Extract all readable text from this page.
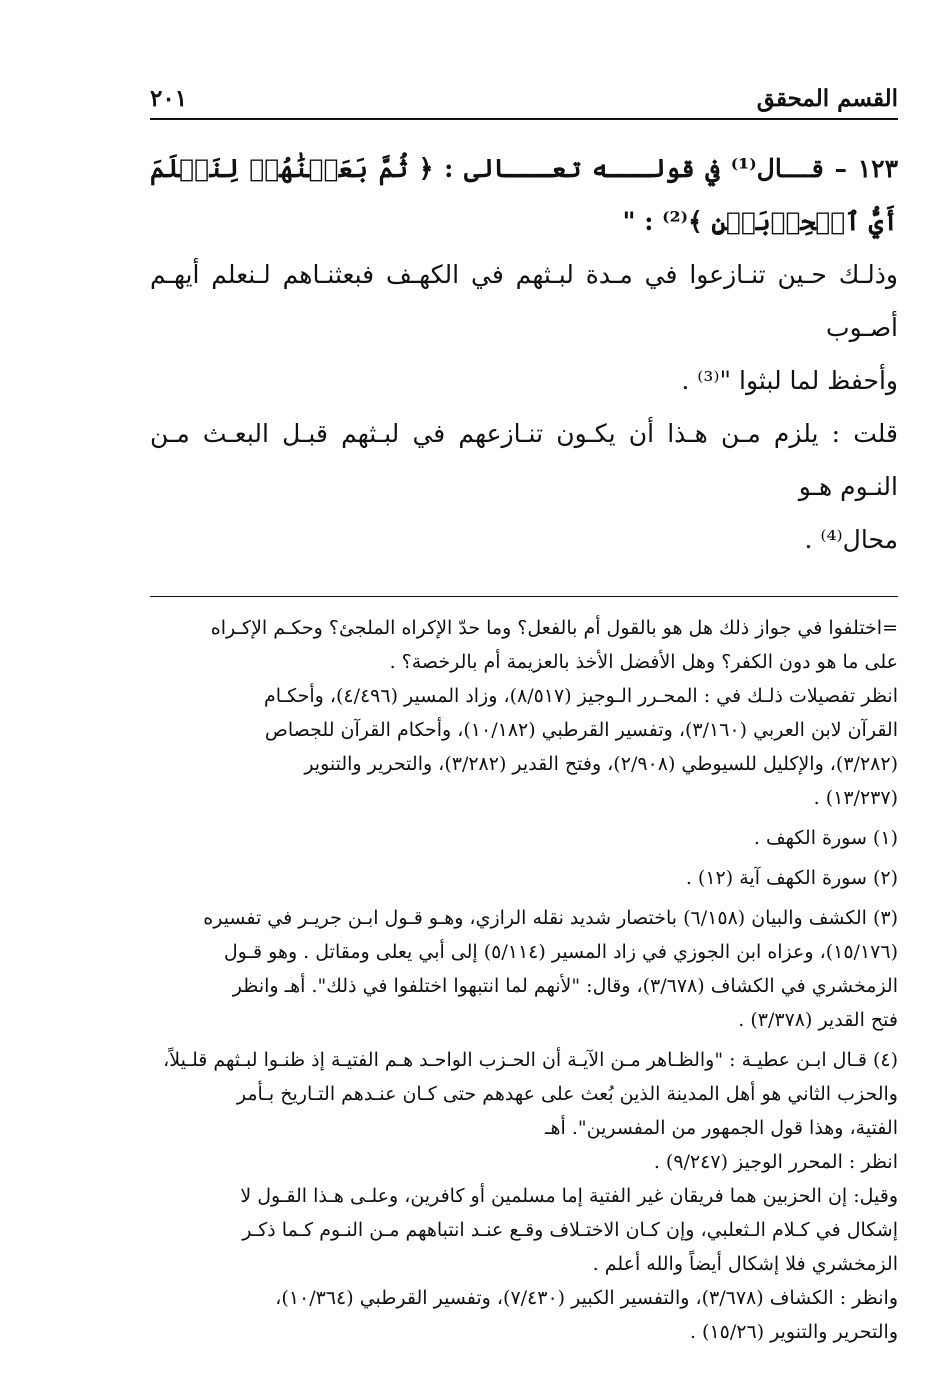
القسم المحقق
٢٠١

١٢٣ – قــــال⁽¹⁾ في قولـــه تعـــالى : ﴿ ثُمَّ بَعَثۡنَٰهُمۡ لِنَعۡلَمَ أَيُّ ٱلۡحِزۡبَيۡنِ ﴾⁽²⁾ : "

وذلـك حـين تنـازعوا في مـدة لبـثهم في الكهـف فبعثنـاهم لـنعلم أيهـم أصـوب

وأحفظ لما لبثوا "⁽³⁾ .

قلت : يلزم مـن هـذا أن يكـون تنـازعهم في لبـثهم قبـل البعـث مـن النـوم هـو

محال⁽⁴⁾ .

=اختلفوا في جواز ذلك هل هو بالقول أم بالفعل؟ وما حدّ الإكراه الملجئ؟ وحكـم الإكـراه

على ما هو دون الكفر؟ وهل الأفضل الأخذ بالعزيمة أم بالرخصة؟ .

انظر تفصيلات ذلـك في : المحـرر الـوجيز (٨/٥١٧)، وزاد المسير (٤/٤٩٦)، وأحكـام

القرآن لابن العربي (٣/١٦٠)، وتفسير القرطبي (١٠/١٨٢)، وأحكام القرآن للجصاص

(٣/٢٨٢)، والإكليل للسيوطي (٢/٩٠٨)، وفتح القدير (٣/٢٨٢)، والتحرير والتنوير

(١٣/٢٣٧) .

(١) سورة الكهف .

(٢) سورة الكهف آية (١٢) .

(٣) الكشف والبيان (٦/١٥٨) باختصار شديد نقله الرازي، وهـو قـول ابـن جريـر في تفسيره

(١٥/١٧٦)، وعزاه ابن الجوزي في زاد المسير (٥/١١٤) إلى أبي يعلى ومقاتل . وهو قـول

الزمخشري في الكشاف (٣/٦٧٨)، وقال: "لأنهم لما انتبهوا اختلفوا في ذلك". أهـ وانظر

فتح القدير (٣/٣٧٨) .

(٤) قـال ابـن عطيـة : "والظـاهر مـن الآيـة أن الحـزب الواحـد هـم الفتيـة إذ ظنـوا لبـثهم قلـيلاً،

والحزب الثاني هو أهل المدينة الذين بُعث على عهدهم حتى كـان عنـدهم التـاريخ بـأمر

الفتية، وهذا قول الجمهور من المفسرين". أهـ

انظر : المحرر الوجيز (٩/٢٤٧) .

وقيل: إن الحزبين هما فريقان غير الفتية إما مسلمين أو كافرين، وعلـى هـذا القـول لا

إشكال في كـلام الـثعلبي، وإن كـان الاختـلاف وقـع عنـد انتباههم مـن النـوم كـما ذكـر

الزمخشري فلا إشكال أيضاً والله أعلم .

وانظر : الكشاف (٣/٦٧٨)، والتفسير الكبير (٧/٤٣٠)، وتفسير القرطبي (١٠/٣٦٤)،

والتحرير والتنوير (١٥/٢٦) .
